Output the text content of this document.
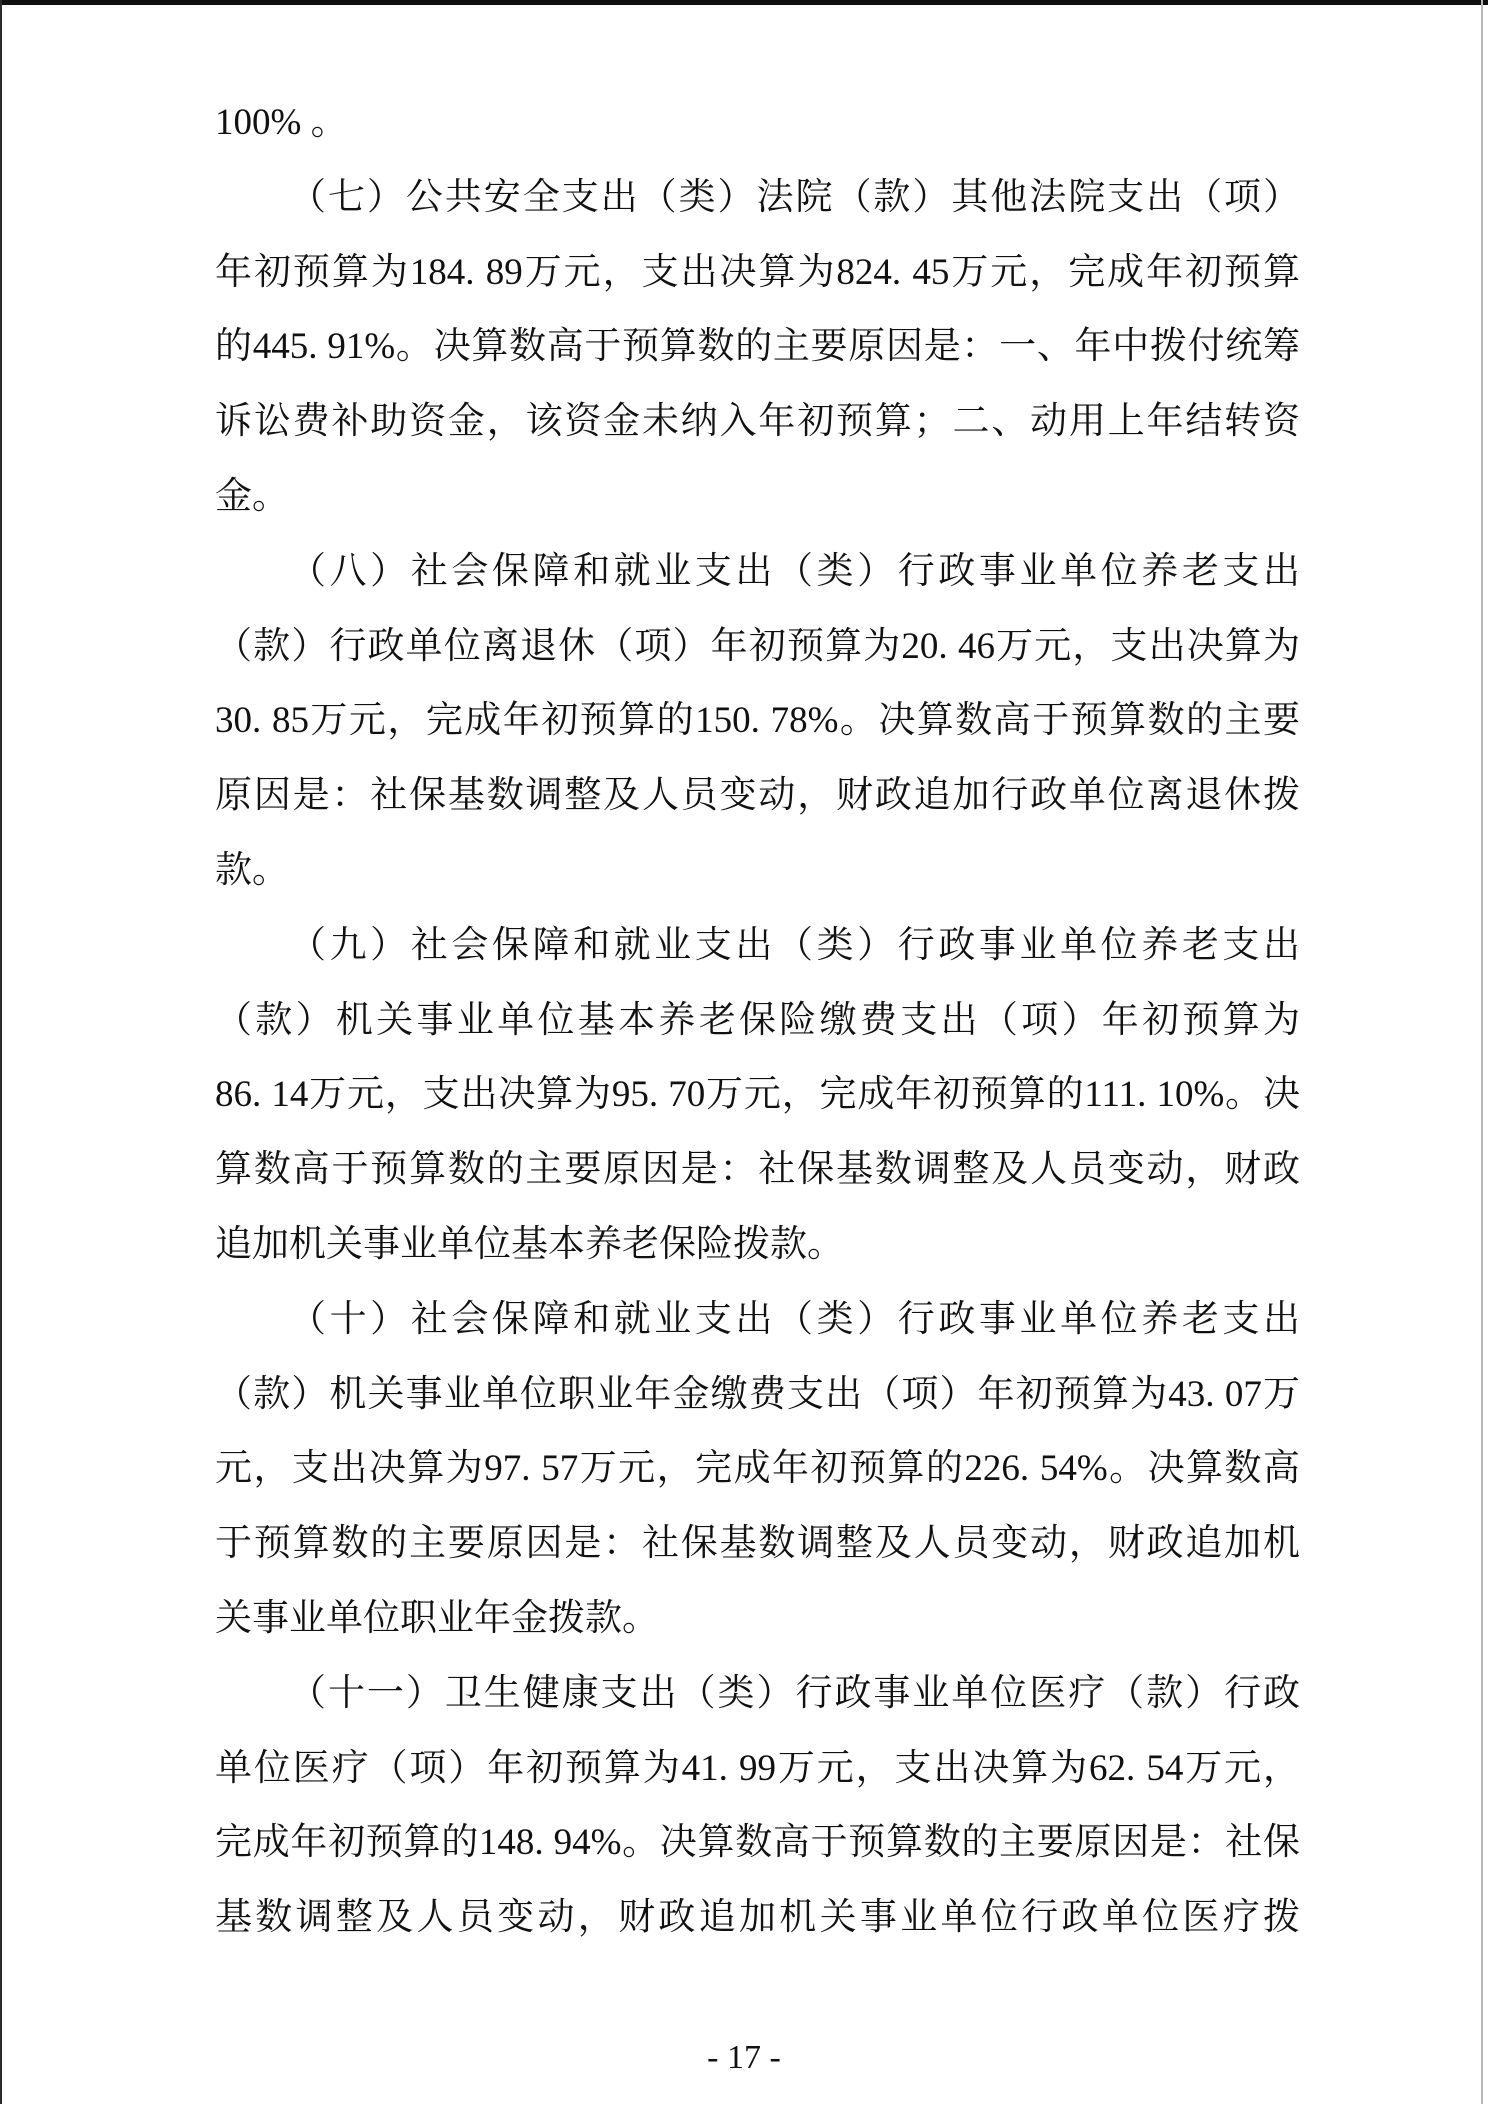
100% 。
（七）公共安全支出（类）法院（款）其他法院支出（项）
年初预算为184. 89万元，支出决算为824. 45万元，完成年初预算
的445. 91%。决算数高于预算数的主要原因是：一、年中拨付统筹
诉讼费补助资金，该资金未纳入年初预算；二、动用上年结转资
金。
（八）社会保障和就业支出（类）行政事业单位养老支出
（款）行政单位离退休（项）年初预算为20. 46万元，支出决算为
30. 85万元，完成年初预算的150. 78%。决算数高于预算数的主要
原因是：社保基数调整及人员变动，财政追加行政单位离退休拨
款。
（九）社会保障和就业支出（类）行政事业单位养老支出
（款）机关事业单位基本养老保险缴费支出（项）年初预算为
86. 14万元，支出决算为95. 70万元，完成年初预算的111. 10%。决
算数高于预算数的主要原因是：社保基数调整及人员变动，财政
追加机关事业单位基本养老保险拨款。
（十）社会保障和就业支出（类）行政事业单位养老支出
（款）机关事业单位职业年金缴费支出（项）年初预算为43. 07万
元，支出决算为97. 57万元，完成年初预算的226. 54%。决算数高
于预算数的主要原因是：社保基数调整及人员变动，财政追加机
关事业单位职业年金拨款。
（十一）卫生健康支出（类）行政事业单位医疗（款）行政
单位医疗（项）年初预算为41. 99万元，支出决算为62. 54万元，
完成年初预算的148. 94%。决算数高于预算数的主要原因是：社保
基数调整及人员变动，财政追加机关事业单位行政单位医疗拨
- 17 -
